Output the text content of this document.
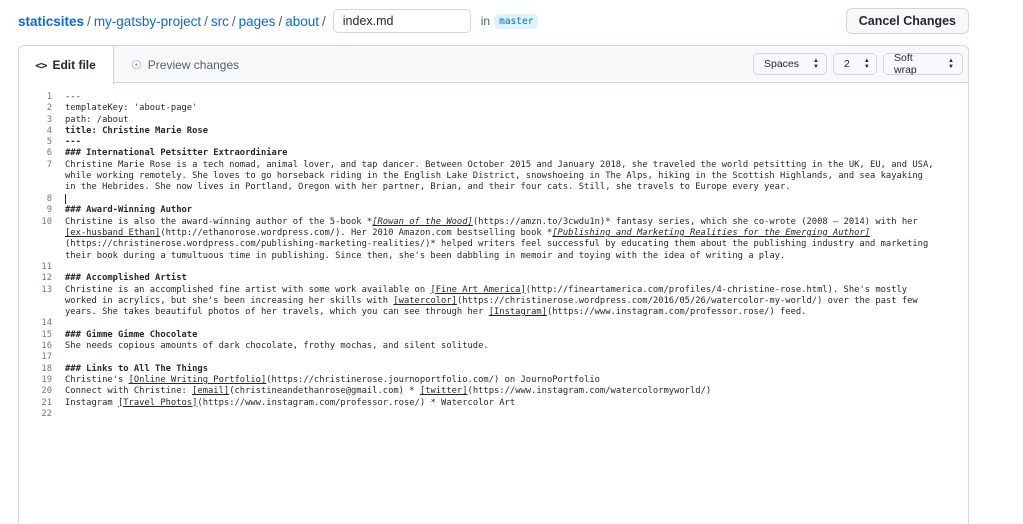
staticsites / my-gatsby-project / src / pages / about /
index.md	in master	Cancel Changes
<> Edit file	☉ Preview changes	Spaces ▲
▼ 2 ▲
▼
Soft wrap
▲
▼
1	---
2	templateKey: 'about-page'
3	path: /about
4	title: Christine Marie Rose
5	---
6	### International Petsitter Extraordiniare
7	Christine Marie Rose is a tech nomad, animal lover, and tap dancer. Between October 2015 and January 2018, she traveled the world petsitting in the UK, EU, and USA,
while working remotely. She loves to go horseback riding in the English Lake District, snowshoeing in The Alps, hiking in the Scottish Highlands, and sea kayaking
in the Hebrides. She now lives in Portland, Oregon with her partner, Brian, and their four cats. Still, she travels to Europe every year.
8
9	### Award-Winning Author
10	Christine is also the award-winning author of the 5-book *[Rowan of the Wood](https://amzn.to/3cwdu1n)* fantasy series, which she co-wrote (2008 – 2014) with her
[ex-husband Ethan](http://ethanorose.wordpress.com/). Her 2010 Amazon.com bestselling book *[Publishing and Marketing Realities for the Emerging Author]
(https://christinerose.wordpress.com/publishing-marketing-realities/)* helped writers feel successful by educating them about the publishing industry and marketing
their book during a tumultuous time in publishing. Since then, she's been dabbling in memoir and toying with the idea of writing a play.
11
12	### Accomplished Artist
13	Christine is an accomplished fine artist with some work available on [Fine Art America](http://fineartamerica.com/profiles/4-christine-rose.html). She's mostly
worked in acrylics, but she's been increasing her skills with [watercolor](https://christinerose.wordpress.com/2016/05/26/watercolor-my-world/) over the past few
years. She takes beautiful photos of her travels, which you can see through her [Instagram](https://www.instagram.com/professor.rose/) feed.
14
15	### Gimme Gimme Chocolate
16	She needs copious amounts of dark chocolate, frothy mochas, and silent solitude.
17
18	### Links to All The Things
19	Christine's [Online Writing Portfolio](https://christinerose.journoportfolio.com/) on JournoPortfolio
20	Connect with Christine: [email](christineandethanrose@gmail.com) * [twitter](https://www.instagram.com/watercolormyworld/)
21	Instagram [Travel Photos](https://www.instagram.com/professor.rose/) * Watercolor Art
22
